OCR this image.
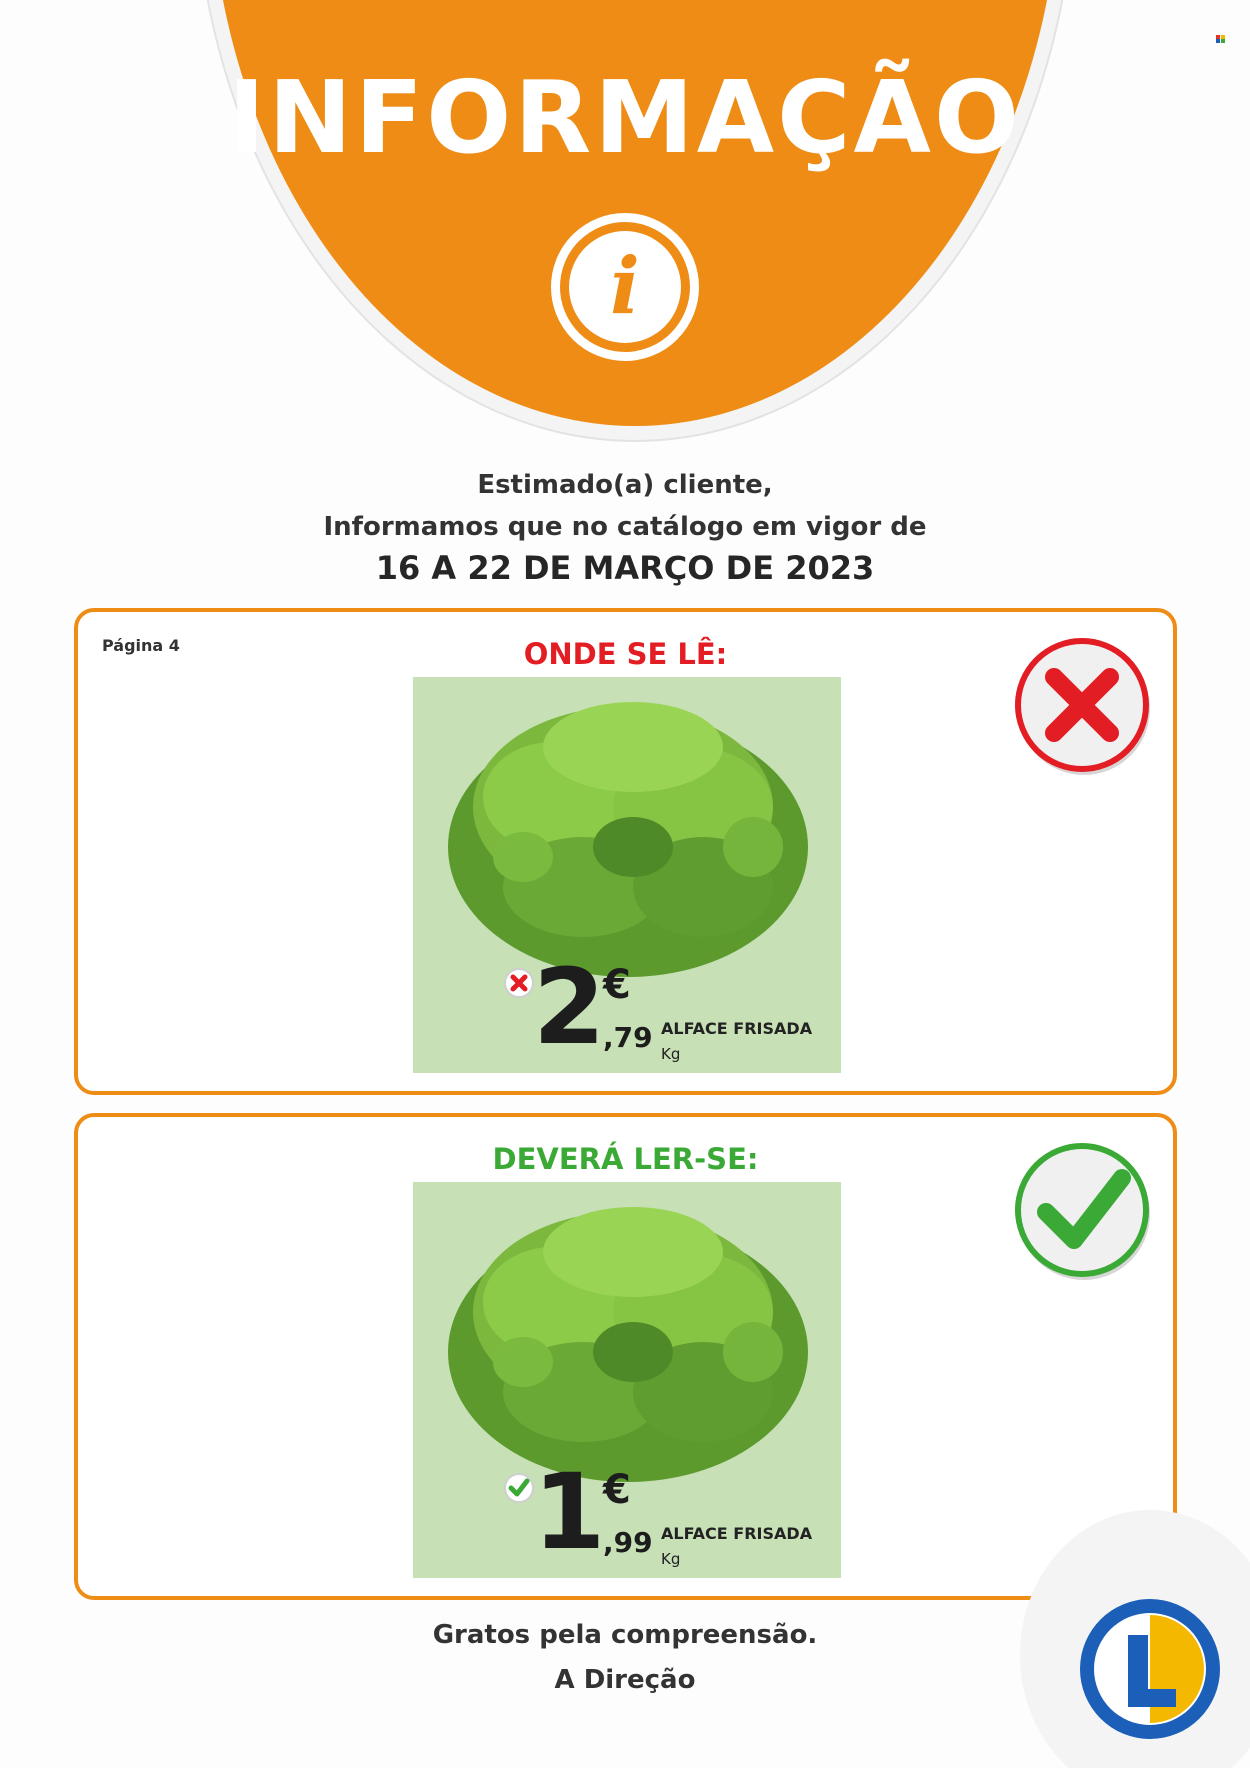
INFORMAÇÃO
i
Estimado(a) cliente,
Informamos que no catálogo em vigor de
16 A 22 DE MARÇO DE 2023
Página 4	ONDE SE LÊ:
2 €
,79 ALFACE FRISADA
Kg
DEVERÁ LER-SE:
1 €
,99 ALFACE FRISADA
Kg
Gratos pela compreensão.
A Direção
